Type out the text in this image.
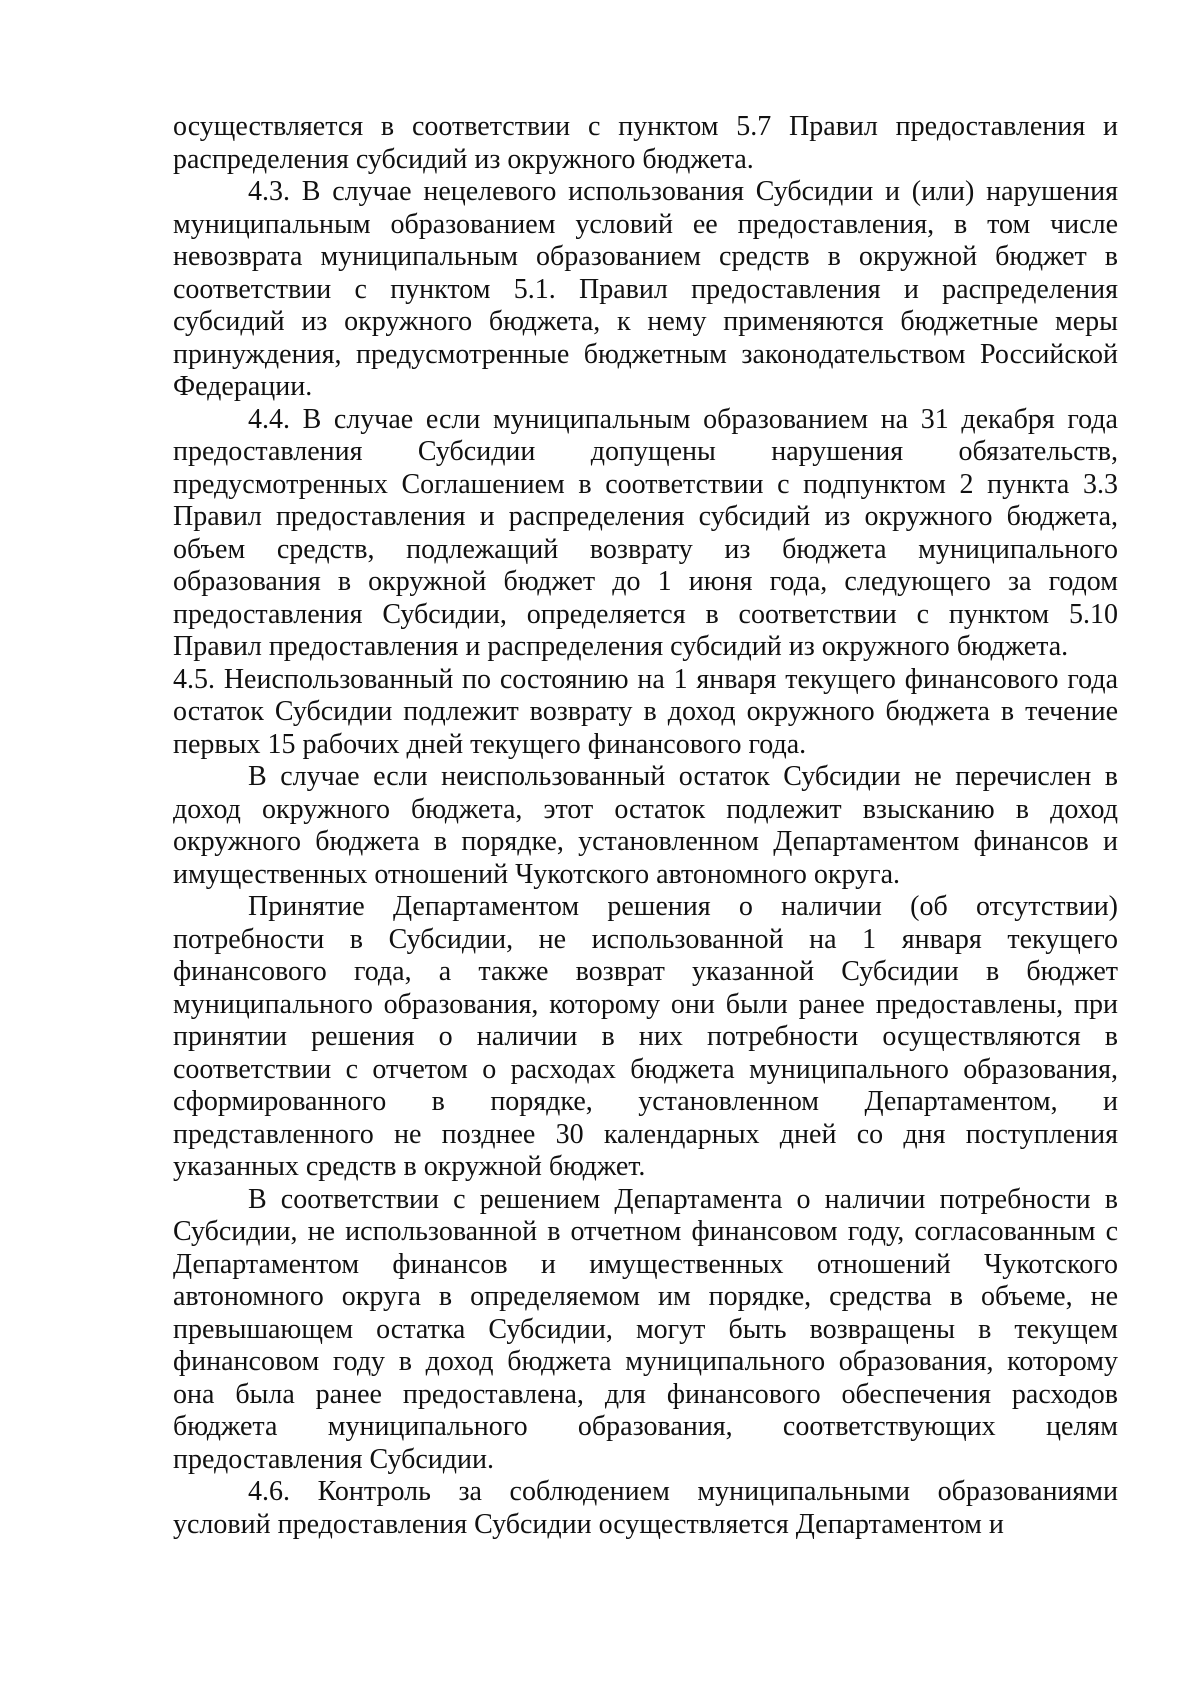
осуществляется в соответствии с пунктом 5.7 Правил предоставления и распределения субсидий из окружного бюджета.

4.3. В случае нецелевого использования Субсидии и (или) нарушения муниципальным образованием условий ее предоставления, в том числе невозврата муниципальным образованием средств в окружной бюджет в соответствии с пунктом 5.1. Правил предоставления и распределения субсидий из окружного бюджета, к нему применяются бюджетные меры принуждения, предусмотренные бюджетным законодательством Российской Федерации.

4.4. В случае если муниципальным образованием на 31 декабря года предоставления Субсидии допущены нарушения обязательств, предусмотренных Соглашением в соответствии с подпунктом 2 пункта 3.3 Правил предоставления и распределения субсидий из окружного бюджета, объем средств, подлежащий возврату из бюджета муниципального образования в окружной бюджет до 1 июня года, следующего за годом предоставления Субсидии, определяется в соответствии с пунктом 5.10 Правил предоставления и распределения субсидий из окружного бюджета.

4.5. Неиспользованный по состоянию на 1 января текущего финансового года остаток Субсидии подлежит возврату в доход окружного бюджета в течение первых 15 рабочих дней текущего финансового года.

В случае если неиспользованный остаток Субсидии не перечислен в доход окружного бюджета, этот остаток подлежит взысканию в доход окружного бюджета в порядке, установленном Департаментом финансов и имущественных отношений Чукотского автономного округа.

Принятие Департаментом решения о наличии (об отсутствии) потребности в Субсидии, не использованной на 1 января текущего финансового года, а также возврат указанной Субсидии в бюджет муниципального образования, которому они были ранее предоставлены, при принятии решения о наличии в них потребности осуществляются в соответствии с отчетом о расходах бюджета муниципального образования, сформированного в порядке, установленном Департаментом, и представленного не позднее 30 календарных дней со дня поступления указанных средств в окружной бюджет.

В соответствии с решением Департамента о наличии потребности в Субсидии, не использованной в отчетном финансовом году, согласованным с Департаментом финансов и имущественных отношений Чукотского автономного округа в определяемом им порядке, средства в объеме, не превышающем остатка Субсидии, могут быть возвращены в текущем финансовом году в доход бюджета муниципального образования, которому она была ранее предоставлена, для финансового обеспечения расходов бюджета муниципального образования, соответствующих целям предоставления Субсидии.

4.6. Контроль за соблюдением муниципальными образованиями условий предоставления Субсидии осуществляется Департаментом и
